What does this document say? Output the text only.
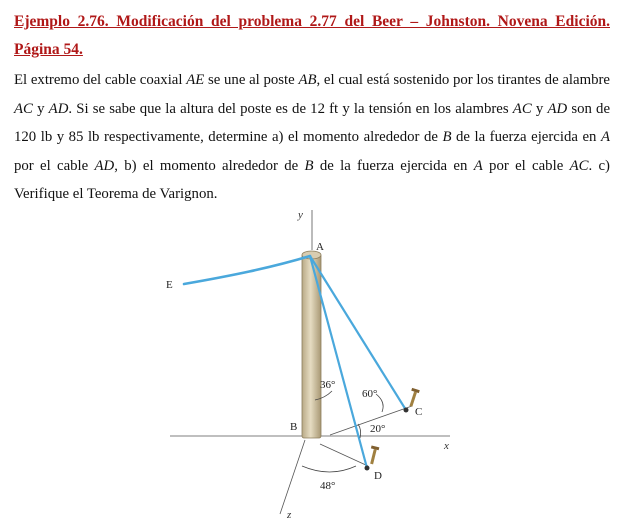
Ejemplo 2.76. Modificación del problema 2.77 del Beer – Johnston. Novena Edición. Página 54.
El extremo del cable coaxial AE se une al poste AB, el cual está sostenido por los tirantes de alambre AC y AD. Si se sabe que la altura del poste es de 12 ft y la tensión en los alambres AC y AD son de 120 lb y 85 lb respectivamente, determine a) el momento alrededor de B de la fuerza ejercida en A por el cable AD, b) el momento alrededor de B de la fuerza ejercida en A por el cable AC. c) Verifique el Teorema de Varignon.
y
x
z
A
B
C
D
E
36°
60°
20°
48°
